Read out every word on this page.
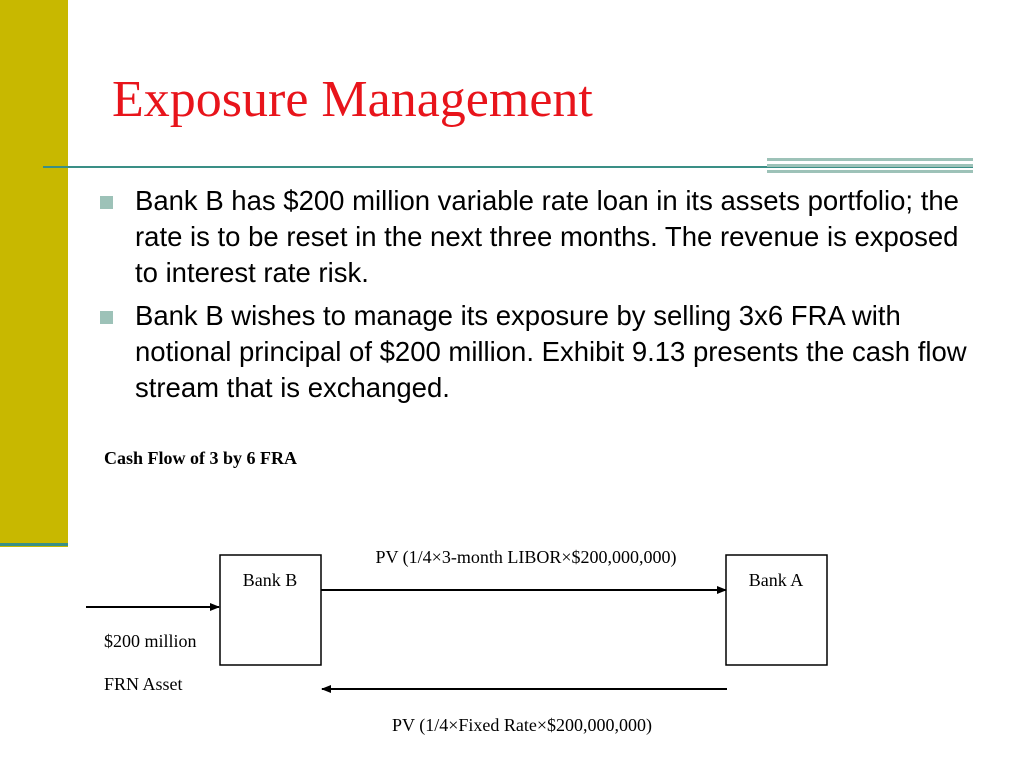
Exposure Management
Bank B has $200 million variable rate loan in its assets portfolio; the rate is to be reset in the next three months. The revenue is exposed to interest rate risk.
Bank B wishes to manage its exposure by selling 3x6 FRA with notional principal of $200 million. Exhibit 9.13 presents the cash flow stream that is exchanged.
Cash Flow of 3 by 6 FRA
Bank B	Bank A
PV (1/4×3-month LIBOR×$200,000,000)
PV (1/4×Fixed Rate×$200,000,000)
$200 million
FRN Asset
